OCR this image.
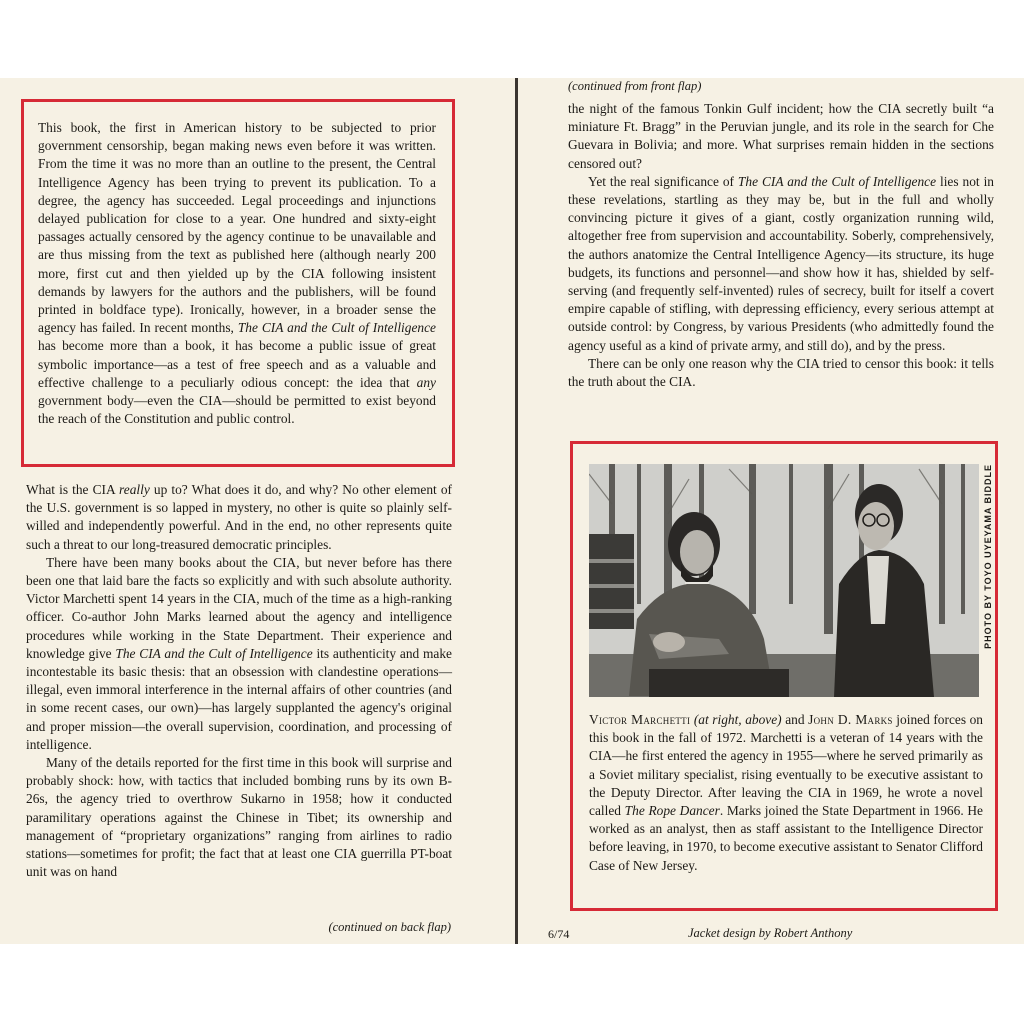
This book, the first in American history to be subjected to prior government censorship, began making news even before it was written. From the time it was no more than an outline to the present, the Central Intelligence Agency has been trying to prevent its publication. To a degree, the agency has succeeded. Legal proceedings and injunctions delayed publication for close to a year. One hundred and sixty-eight passages actually censored by the agency continue to be unavailable and are thus missing from the text as published here (although nearly 200 more, first cut and then yielded up by the CIA following insistent demands by lawyers for the authors and the publishers, will be found printed in boldface type). Ironically, however, in a broader sense the agency has failed. In recent months, The CIA and the Cult of Intelligence has become more than a book, it has become a public issue of great symbolic importance—as a test of free speech and as a valuable and effective challenge to a peculiarly odious concept: the idea that any government body—even the CIA—should be permitted to exist beyond the reach of the Constitution and public control.

What is the CIA really up to? What does it do, and why? No other element of the U.S. government is so lapped in mystery, no other is quite so plainly self-willed and independently powerful. And in the end, no other represents quite such a threat to our long-treasured democratic principles.

There have been many books about the CIA, but never before has there been one that laid bare the facts so explicitly and with such absolute authority. Victor Marchetti spent 14 years in the CIA, much of the time as a high-ranking officer. Co-author John Marks learned about the agency and intelligence procedures while working in the State Department. Their experience and knowledge give The CIA and the Cult of Intelligence its authenticity and make incontestable its basic thesis: that an obsession with clandestine operations—illegal, even immoral interference in the internal affairs of other countries (and in some recent cases, our own)—has largely supplanted the agency's original and proper mission—the overall supervision, coordination, and processing of intelligence.

Many of the details reported for the first time in this book will surprise and probably shock: how, with tactics that included bombing runs by its own B-26s, the agency tried to overthrow Sukarno in 1958; how it conducted paramilitary operations against the Chinese in Tibet; its ownership and management of “proprietary organizations” ranging from airlines to radio stations—sometimes for profit; the fact that at least one CIA guerrilla PT-boat unit was on hand

(continued on back flap)
(continued from front flap)

the night of the famous Tonkin Gulf incident; how the CIA secretly built “a miniature Ft. Bragg” in the Peruvian jungle, and its role in the search for Che Guevara in Bolivia; and more. What surprises remain hidden in the sections censored out?

Yet the real significance of The CIA and the Cult of Intelligence lies not in these revelations, startling as they may be, but in the full and wholly convincing picture it gives of a giant, costly organization running wild, altogether free from supervision and accountability. Soberly, comprehensively, the authors anatomize the Central Intelligence Agency—its structure, its huge budgets, its functions and personnel—and show how it has, shielded by self-serving (and frequently self-invented) rules of secrecy, built for itself a covert empire capable of stifling, with depressing efficiency, every serious attempt at outside control: by Congress, by various Presidents (who admittedly found the agency useful as a kind of private army, and still do), and by the press.

There can be only one reason why the CIA tried to censor this book: it tells the truth about the CIA.

PHOTO BY TOYO UYEYAMA BIDDLE

Victor Marchetti (at right, above) and John D. Marks joined forces on this book in the fall of 1972. Marchetti is a veteran of 14 years with the CIA—he first entered the agency in 1955—where he served primarily as a Soviet military specialist, rising eventually to be executive assistant to the Deputy Director. After leaving the CIA in 1969, he wrote a novel called The Rope Dancer. Marks joined the State Department in 1966. He worked as an analyst, then as staff assistant to the Intelligence Director before leaving, in 1970, to become executive assistant to Senator Clifford Case of New Jersey.

6/74	Jacket design by Robert Anthony
